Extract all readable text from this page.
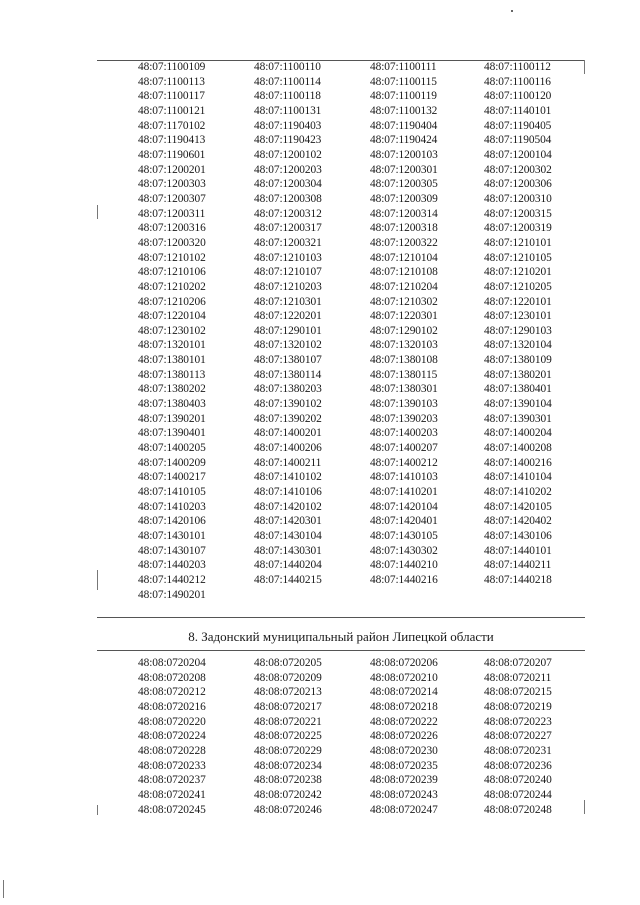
48:07:1100109	48:07:1100110	48:07:1100111	48:07:1100112
48:07:1100113	48:07:1100114	48:07:1100115	48:07:1100116
48:07:1100117	48:07:1100118	48:07:1100119	48:07:1100120
48:07:1100121	48:07:1100131	48:07:1100132	48:07:1140101
48:07:1170102	48:07:1190403	48:07:1190404	48:07:1190405
48:07:1190413	48:07:1190423	48:07:1190424	48:07:1190504
48:07:1190601	48:07:1200102	48:07:1200103	48:07:1200104
48:07:1200201	48:07:1200203	48:07:1200301	48:07:1200302
48:07:1200303	48:07:1200304	48:07:1200305	48:07:1200306
48:07:1200307	48:07:1200308	48:07:1200309	48:07:1200310
48:07:1200311	48:07:1200312	48:07:1200314	48:07:1200315
48:07:1200316	48:07:1200317	48:07:1200318	48:07:1200319
48:07:1200320	48:07:1200321	48:07:1200322	48:07:1210101
48:07:1210102	48:07:1210103	48:07:1210104	48:07:1210105
48:07:1210106	48:07:1210107	48:07:1210108	48:07:1210201
48:07:1210202	48:07:1210203	48:07:1210204	48:07:1210205
48:07:1210206	48:07:1210301	48:07:1210302	48:07:1220101
48:07:1220104	48:07:1220201	48:07:1220301	48:07:1230101
48:07:1230102	48:07:1290101	48:07:1290102	48:07:1290103
48:07:1320101	48:07:1320102	48:07:1320103	48:07:1320104
48:07:1380101	48:07:1380107	48:07:1380108	48:07:1380109
48:07:1380113	48:07:1380114	48:07:1380115	48:07:1380201
48:07:1380202	48:07:1380203	48:07:1380301	48:07:1380401
48:07:1380403	48:07:1390102	48:07:1390103	48:07:1390104
48:07:1390201	48:07:1390202	48:07:1390203	48:07:1390301
48:07:1390401	48:07:1400201	48:07:1400203	48:07:1400204
48:07:1400205	48:07:1400206	48:07:1400207	48:07:1400208
48:07:1400209	48:07:1400211	48:07:1400212	48:07:1400216
48:07:1400217	48:07:1410102	48:07:1410103	48:07:1410104
48:07:1410105	48:07:1410106	48:07:1410201	48:07:1410202
48:07:1410203	48:07:1420102	48:07:1420104	48:07:1420105
48:07:1420106	48:07:1420301	48:07:1420401	48:07:1420402
48:07:1430101	48:07:1430104	48:07:1430105	48:07:1430106
48:07:1430107	48:07:1430301	48:07:1430302	48:07:1440101
48:07:1440203	48:07:1440204	48:07:1440210	48:07:1440211
48:07:1440212	48:07:1440215	48:07:1440216	48:07:1440218
48:07:1490201
8. Задонский муниципальный район Липецкой области
48:08:0720204	48:08:0720205	48:08:0720206	48:08:0720207
48:08:0720208	48:08:0720209	48:08:0720210	48:08:0720211
48:08:0720212	48:08:0720213	48:08:0720214	48:08:0720215
48:08:0720216	48:08:0720217	48:08:0720218	48:08:0720219
48:08:0720220	48:08:0720221	48:08:0720222	48:08:0720223
48:08:0720224	48:08:0720225	48:08:0720226	48:08:0720227
48:08:0720228	48:08:0720229	48:08:0720230	48:08:0720231
48:08:0720233	48:08:0720234	48:08:0720235	48:08:0720236
48:08:0720237	48:08:0720238	48:08:0720239	48:08:0720240
48:08:0720241	48:08:0720242	48:08:0720243	48:08:0720244
48:08:0720245	48:08:0720246	48:08:0720247	48:08:0720248
